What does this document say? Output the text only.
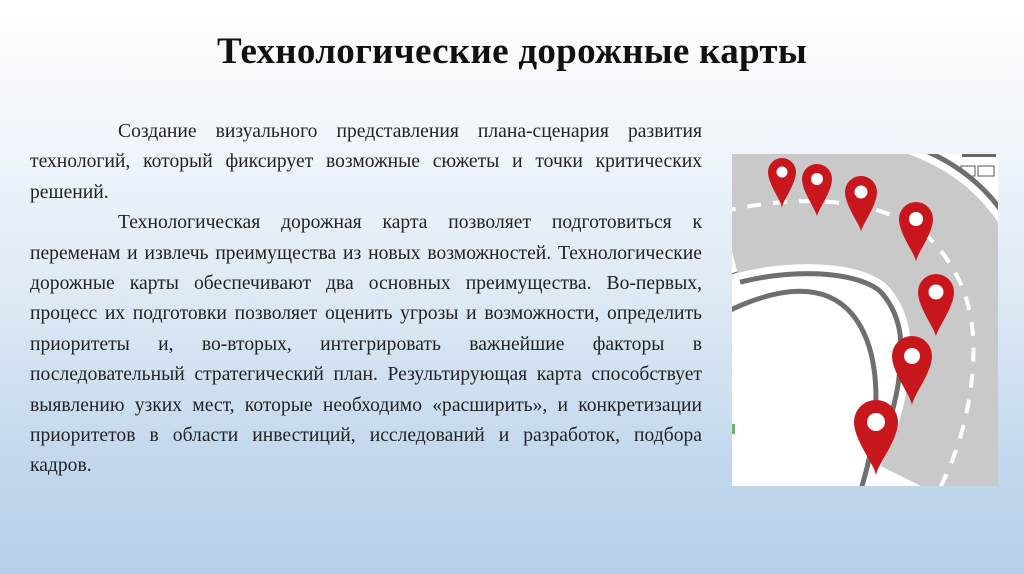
Технологические дорожные карты

Создание визуального представления плана-сценария развития технологий, который фиксирует возможные сюжеты и точки критических решений.

Технологическая дорожная карта позволяет подготовиться к переменам и извлечь преимущества из новых возможностей. Технологические дорожные карты обеспечивают два основных преимущества. Во-первых, процесс их подготовки позволяет оценить угрозы и возможности, определить приоритеты и, во-вторых, интегрировать важнейшие факторы в последовательный стратегический план. Результирующая карта способствует выявлению узких мест, которые необходимо «расширить», и конкретизации приоритетов в области инвестиций, исследований и разработок, подбора кадров.
